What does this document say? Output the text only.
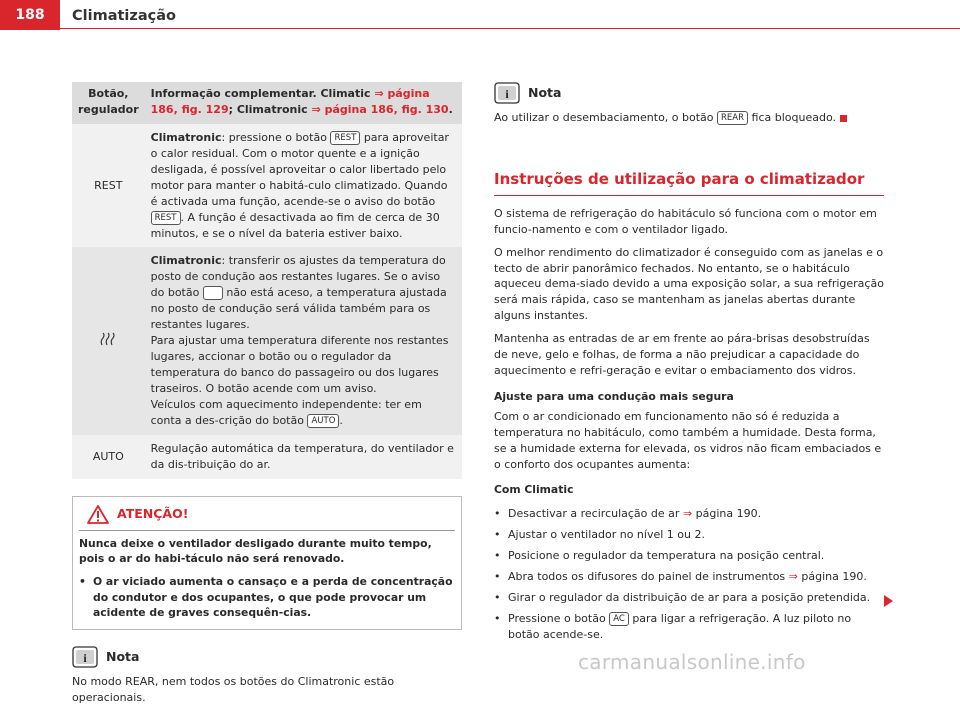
188	Climatização
Botão, regulador	Informação complementar. Climatic ⇒ página 186, fig. 129; Climatronic ⇒ página 186, fig. 130.
REST	Climatronic: pressione o botão REST para aproveitar o calor residual. Com o motor quente e a ignição desligada, é possível aproveitar o calor libertado pelo motor para manter o habitá-culo climatizado. Quando é activada uma função, acende-se o aviso do botão REST . A função é desactivada ao fim de cerca de 30 minutos, e se o nível da bateria estiver baixo.
	Climatronic: transferir os ajustes da temperatura do posto de condução aos restantes lugares. Se o aviso do botão não está aceso, a temperatura ajustada no posto de condução será válida também para os restantes lugares.
Para ajustar uma temperatura diferente nos restantes lugares, accionar o botão ou o regulador da temperatura do banco do passageiro ou dos lugares traseiros. O botão acende com um aviso.
Veículos com aquecimento independente: ter em conta a des-crição do botão AUTO .
AUTO	Regulação automática da temperatura, do ventilador e da dis-tribuição do ar.
ATENÇÃO!

Nunca deixe o ventilador desligado durante muito tempo, pois o ar do habi-táculo não será renovado.

• O ar viciado aumenta o cansaço e a perda de concentração do condutor e dos ocupantes, o que pode provocar um acidente de graves consequên-cias.
i Nota
No modo REAR, nem todos os botões do Climatronic estão operacionais.
i Nota
Ao utilizar o desembaciamento, o botão REAR fica bloqueado.
Instruções de utilização para o climatizador
O sistema de refrigeração do habitáculo só funciona com o motor em funcio-namento e com o ventilador ligado.
O melhor rendimento do climatizador é conseguido com as janelas e o tecto de abrir panorâmico fechados. No entanto, se o habitáculo aqueceu dema-siado devido a uma exposição solar, a sua refrigeração será mais rápida, caso se mantenham as janelas abertas durante alguns instantes.
Mantenha as entradas de ar em frente ao pára-brisas desobstruídas de neve, gelo e folhas, de forma a não prejudicar a capacidade do aquecimento e refri-geração e evitar o embaciamento dos vidros.
Ajuste para uma condução mais segura
Com o ar condicionado em funcionamento não só é reduzida a temperatura no habitáculo, como também a humidade. Desta forma, se a humidade externa for elevada, os vidros não ficam embaciados e o conforto dos ocupantes aumenta:
Com Climatic
• Desactivar a recirculação de ar ⇒ página 190.
• Ajustar o ventilador no nível 1 ou 2.
• Posicione o regulador da temperatura na posição central.
• Abra todos os difusores do painel de instrumentos ⇒ página 190.
• Girar o regulador da distribuição de ar para a posição pretendida.
• Pressione o botão AC para ligar a refrigeração. A luz piloto no botão acende-se.
carmanualsonline.info
